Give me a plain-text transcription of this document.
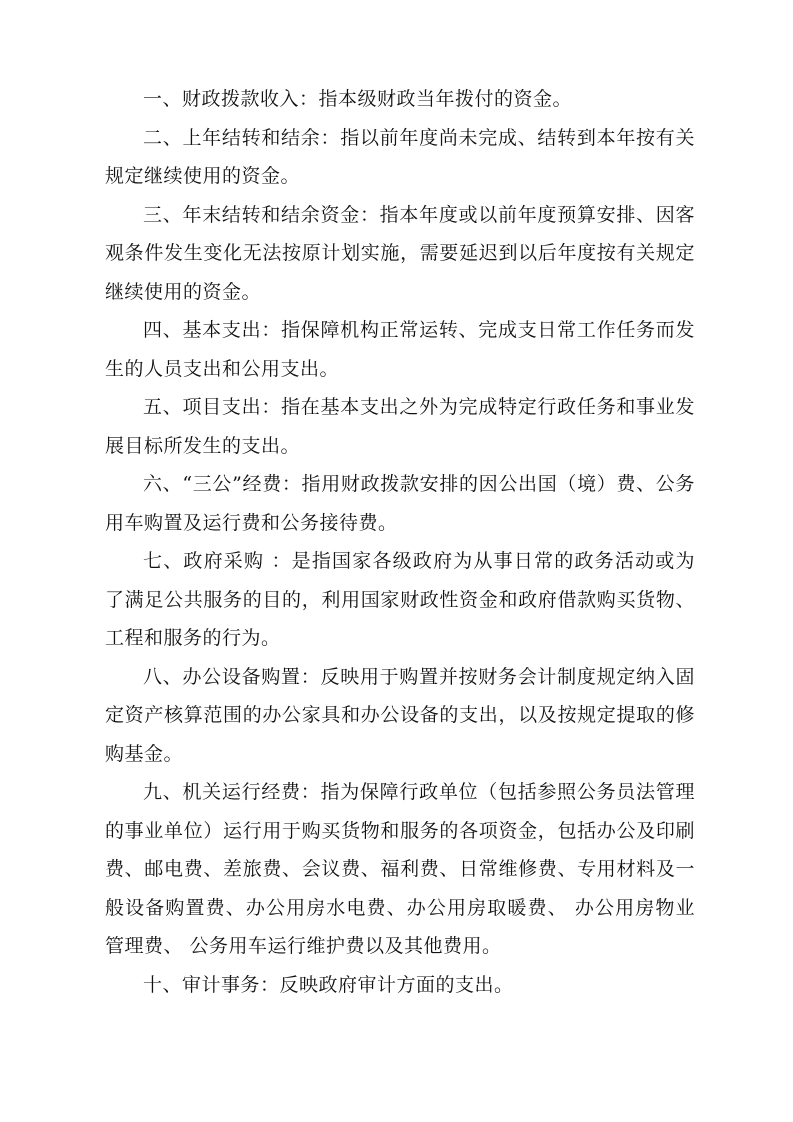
一、财政拨款收入：指本级财政当年拨付的资金。

二、上年结转和结余：指以前年度尚未完成、结转到本年按有关规定继续使用的资金。

三、年末结转和结余资金：指本年度或以前年度预算安排、因客观条件发生变化无法按原计划实施，需要延迟到以后年度按有关规定继续使用的资金。

四、基本支出：指保障机构正常运转、完成支日常工作任务而发生的人员支出和公用支出。

五、项目支出：指在基本支出之外为完成特定行政任务和事业发展目标所发生的支出。

六、“三公”经费：指用财政拨款安排的因公出国（境）费、公务用车购置及运行费和公务接待费。

七、政府采购 ：是指国家各级政府为从事日常的政务活动或为了满足公共服务的目的，利用国家财政性资金和政府借款购买货物、工程和服务的行为。

八、办公设备购置：反映用于购置并按财务会计制度规定纳入固定资产核算范围的办公家具和办公设备的支出，以及按规定提取的修购基金。

九、机关运行经费：指为保障行政单位（包括参照公务员法管理的事业单位）运行用于购买货物和服务的各项资金，包括办公及印刷费、邮电费、差旅费、会议费、福利费、日常维修费、专用材料及一般设备购置费、办公用房水电费、办公用房取暖费、 办公用房物业管理费、 公务用车运行维护费以及其他费用。

十、审计事务：反映政府审计方面的支出。
